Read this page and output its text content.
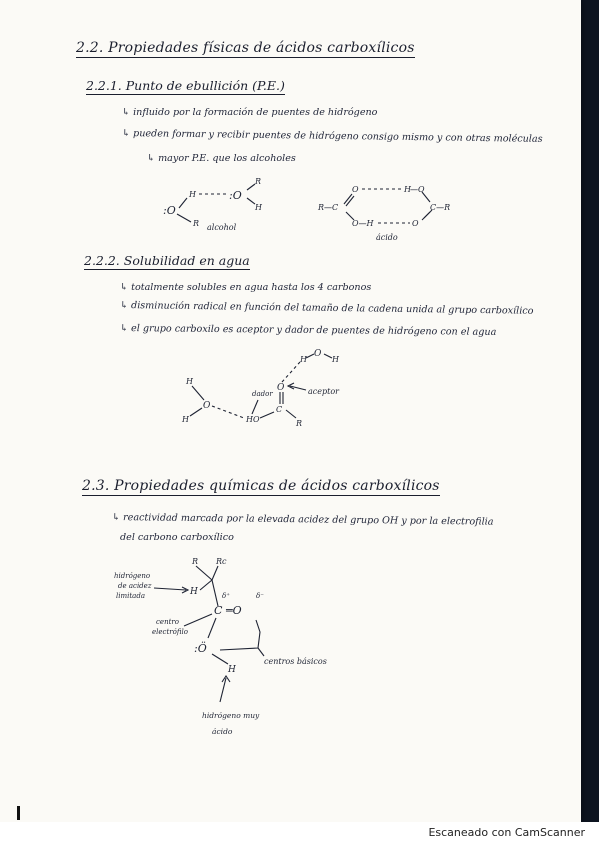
2.2. Propiedades físicas de ácidos carboxílicos
2.2.1. Punto de ebullición (P.E.)
↳ influido por la formación de puentes de hidrógeno
↳ pueden formar y recibir puentes de hidrógeno consigo mismo y con otras moléculas
↳ mayor P.E. que los alcoholes
:O
R
H	:O
R
H
alcohol
R—C
O	H —O
O—H	O
C—R
ácido
2.2.2. Solubilidad en agua
↳ totalmente solubles en agua hasta los 4 carbonos
↳ disminución radical en función del tamaño de la cadena unida al grupo carboxílico
↳ el grupo carboxilo es aceptor y dador de puentes de hidrógeno con el agua
H
O
H	HO
C
O
R
H
O
H
dador	aceptor
2.3. Propiedades químicas de ácidos carboxílicos
↳ reactividad marcada por la elevada acidez del grupo OH y por la electrofilia
del carbono carboxílico
R Rc
H
C ═O
δ⁺	δ⁻
:Ö
H
centros básicos
hidrógeno
de acidez
limitada
centro
electrófilo
hidrógeno muy
ácido
Escaneado con CamScanner
